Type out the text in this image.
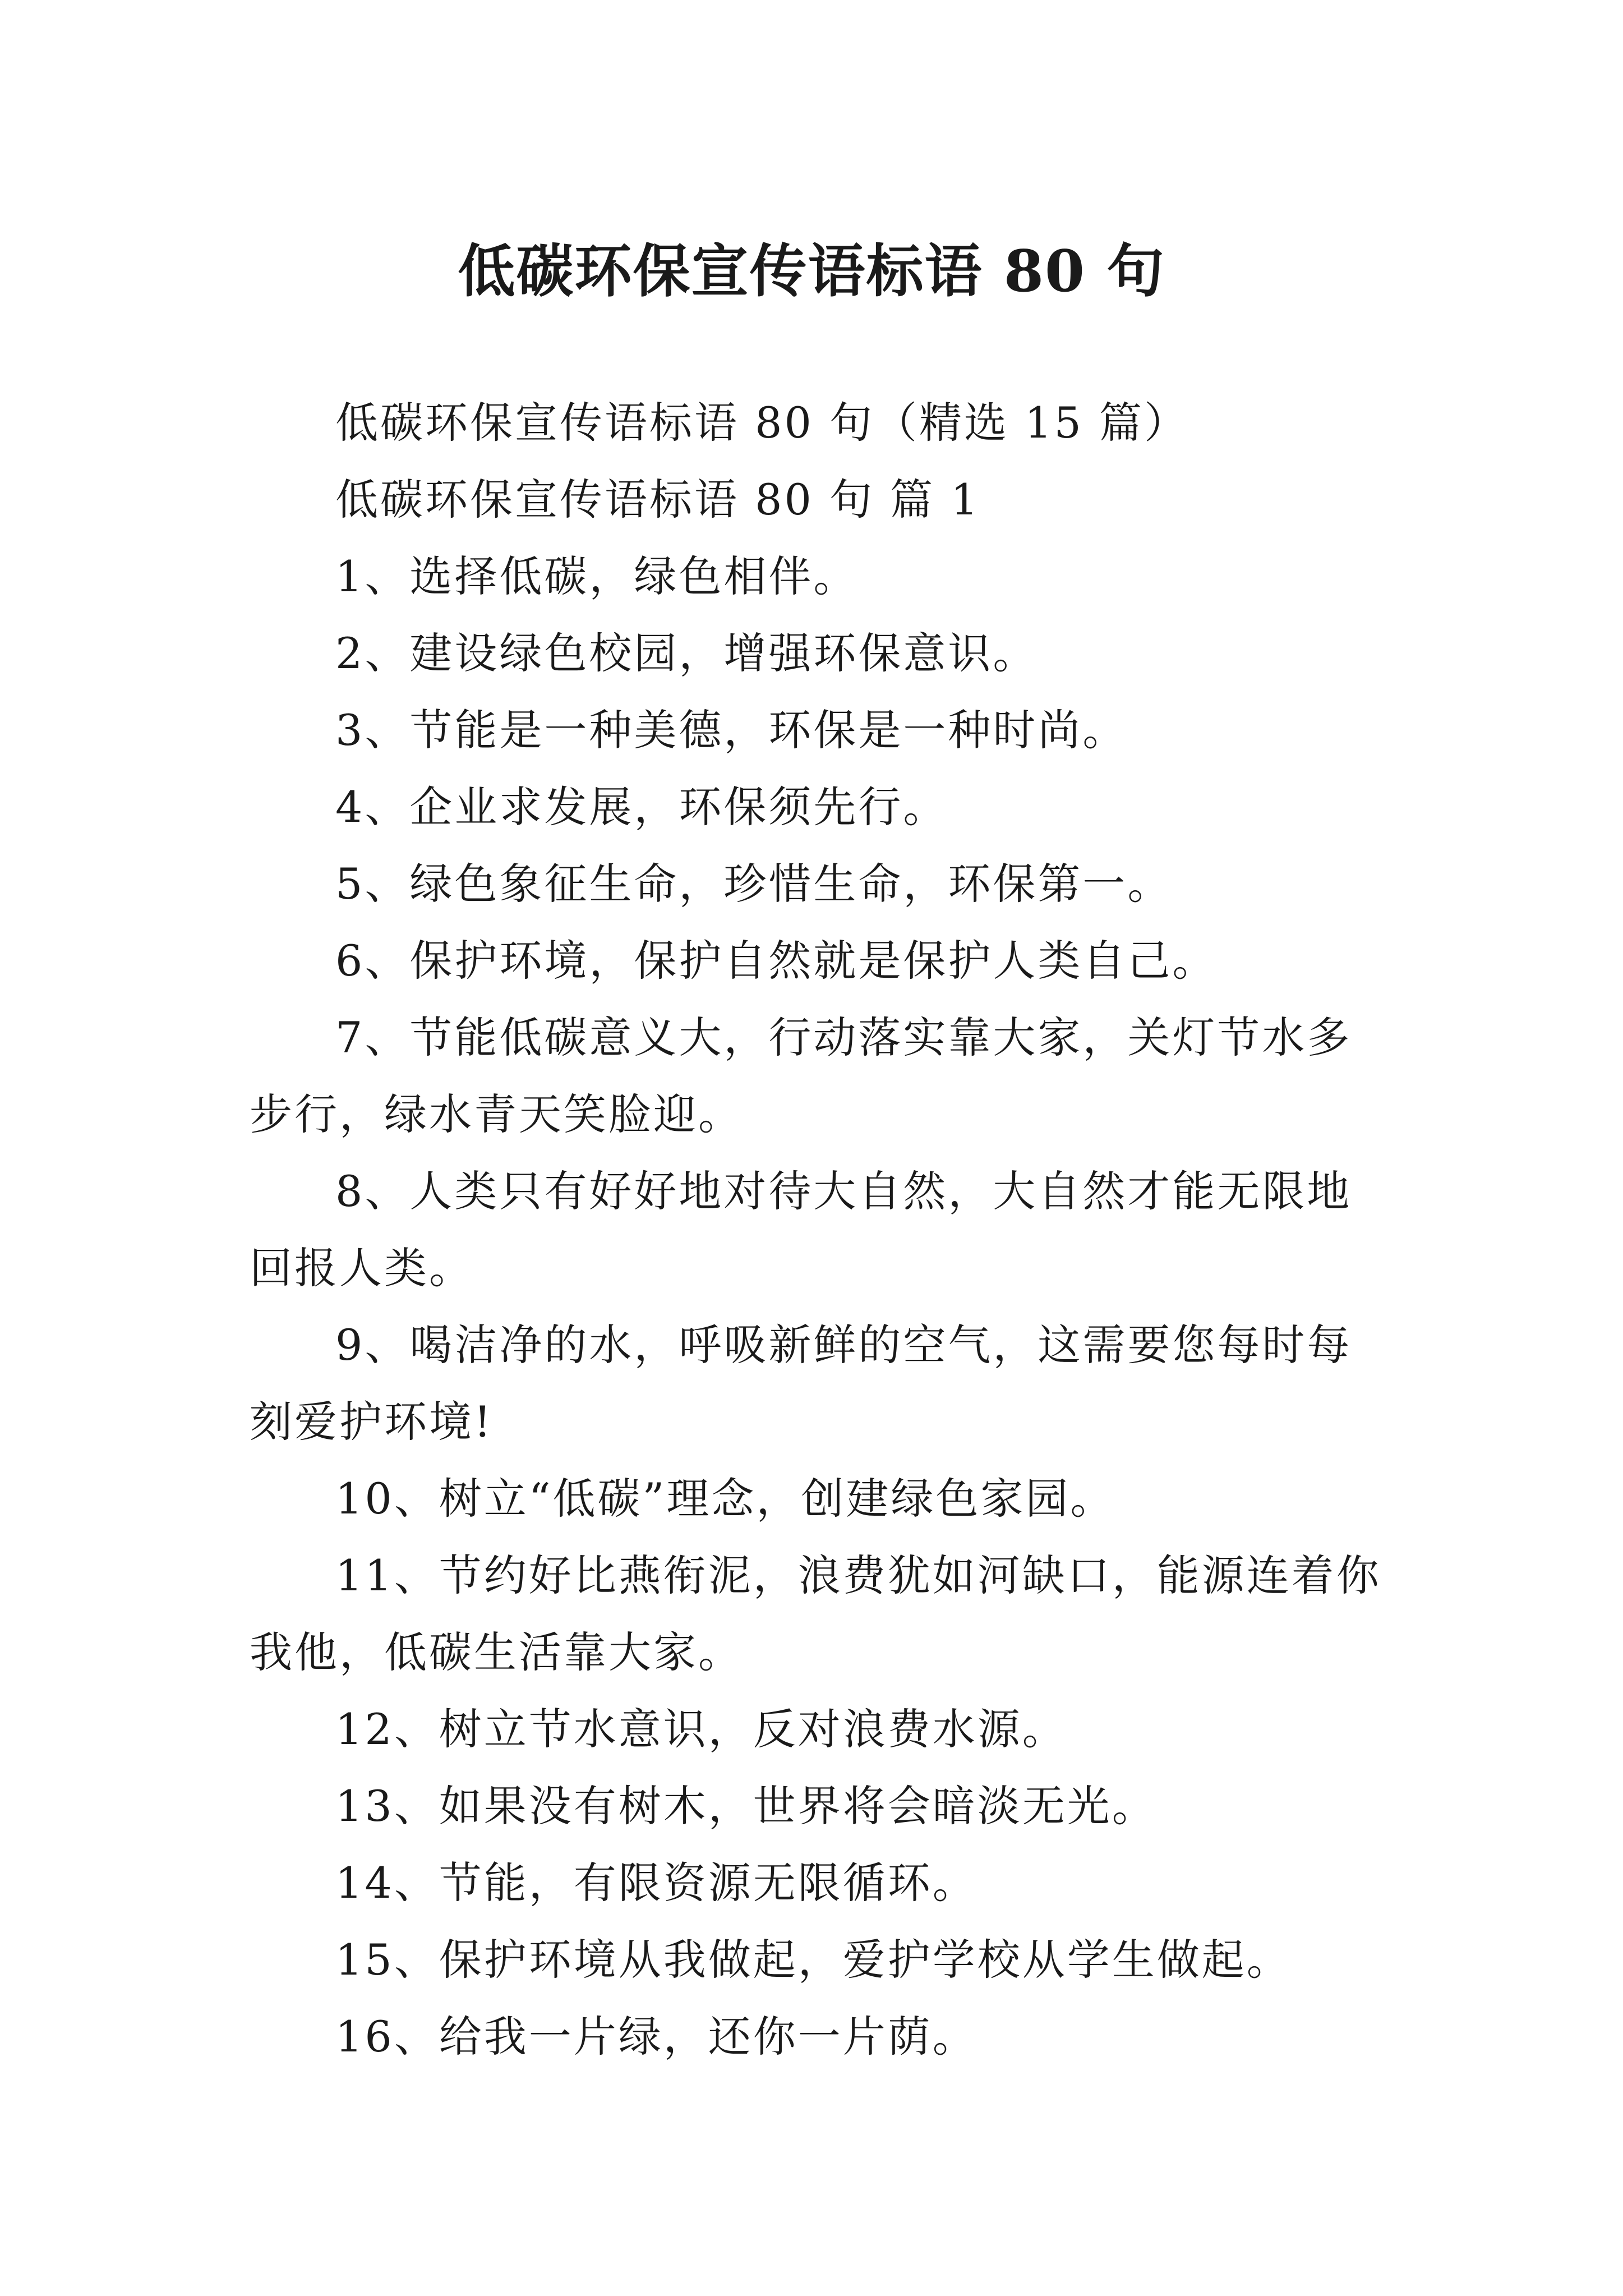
低碳环保宣传语标语 80 句

低碳环保宣传语标语 80 句（精选 15 篇）

低碳环保宣传语标语 80 句 篇 1

1、选择低碳，绿色相伴。

2、建设绿色校园，增强环保意识。

3、节能是一种美德，环保是一种时尚。

4、企业求发展，环保须先行。

5、绿色象征生命，珍惜生命，环保第一。

6、保护环境，保护自然就是保护人类自己。

7、节能低碳意义大，行动落实靠大家，关灯节水多步行，绿水青天笑脸迎。

8、人类只有好好地对待大自然，大自然才能无限地回报人类。

9、喝洁净的水，呼吸新鲜的空气，这需要您每时每刻爱护环境!

10、树立“低碳”理念，创建绿色家园。

11、节约好比燕衔泥，浪费犹如河缺口，能源连着你我他，低碳生活靠大家。

12、树立节水意识，反对浪费水源。

13、如果没有树木，世界将会暗淡无光。

14、节能，有限资源无限循环。

15、保护环境从我做起，爱护学校从学生做起。

16、给我一片绿，还你一片荫。
